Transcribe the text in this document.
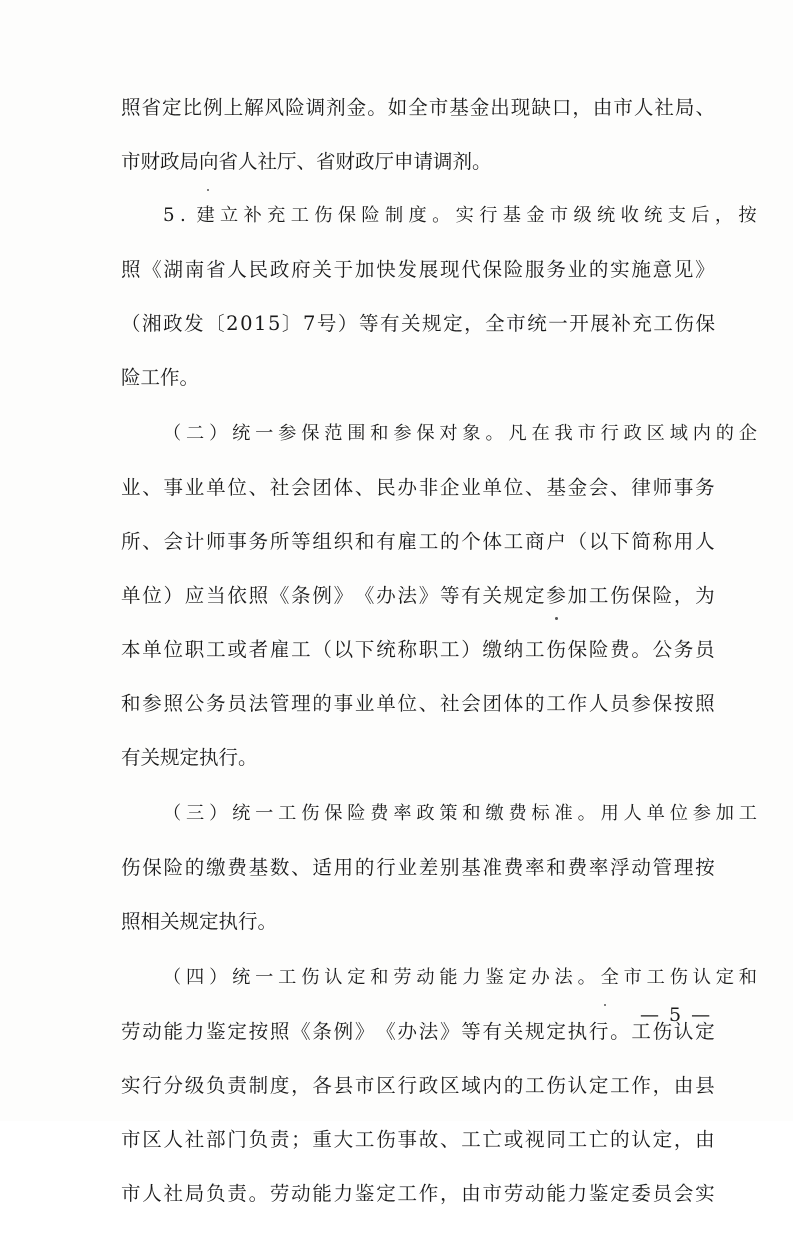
照 省 定 比 例 上 解 风 险 调 剂 金 。 如 全 市 基 金 出 现 缺 口 ， 由 市 人 社 局 、
市财政局向省人社厅、省财政厅申请调剂。
5 . 建 立 补 充 工 伤 保 险 制 度 。 实 行 基 金 市 级 统 收 统 支 后 ， 按
照 《 湖 南 省 人 民 政 府 关 于 加 快 发 展 现 代 保 险 服 务 业 的 实 施 意 见 》
（ 湘 政 发 〔 2 0 1 5 〕 7 号 ） 等 有 关 规 定 ， 全 市 统 一 开 展 补 充 工 伤 保
险工作。
（ 二 ） 统 一 参 保 范 围 和 参 保 对 象 。 凡 在 我 市 行 政 区 域 内 的 企
业 、 事 业 单 位 、 社 会 团 体 、 民 办 非 企 业 单 位 、 基 金 会 、 律 师 事 务
所 、 会 计 师 事 务 所 等 组 织 和 有 雇 工 的 个 体 工 商 户 （ 以 下 简 称 用 人
单 位 ） 应 当 依 照 《 条 例 》 《 办 法 》 等 有 关 规 定 参 加 工 伤 保 险 ， 为
本 单 位 职 工 或 者 雇 工 （ 以 下 统 称 职 工 ） 缴 纳 工 伤 保 险 费 。 公 务 员
和 参 照 公 务 员 法 管 理 的 事 业 单 位 、 社 会 团 体 的 工 作 人 员 参 保 按 照
有关规定执行。
（ 三 ） 统 一 工 伤 保 险 费 率 政 策 和 缴 费 标 准 。 用 人 单 位 参 加 工
伤 保 险 的 缴 费 基 数 、 适 用 的 行 业 差 别 基 准 费 率 和 费 率 浮 动 管 理 按
照相关规定执行。
（ 四 ） 统 一 工 伤 认 定 和 劳 动 能 力 鉴 定 办 法 。 全 市 工 伤 认 定 和
劳 动 能 力 鉴 定 按 照 《 条 例 》 《 办 法 》 等 有 关 规 定 执 行 。 工 伤 认 定
实 行 分 级 负 责 制 度 ， 各 县 市 区 行 政 区 域 内 的 工 伤 认 定 工 作 ， 由 县
市 区 人 社 部 门 负 责 ； 重 大 工 伤 事 故 、 工 亡 或 视 同 工 亡 的 认 定 ， 由
市 人 社 局 负 责 。 劳 动 能 力 鉴 定 工 作 ， 由 市 劳 动 能 力 鉴 定 委 员 会 实
— 5 —
